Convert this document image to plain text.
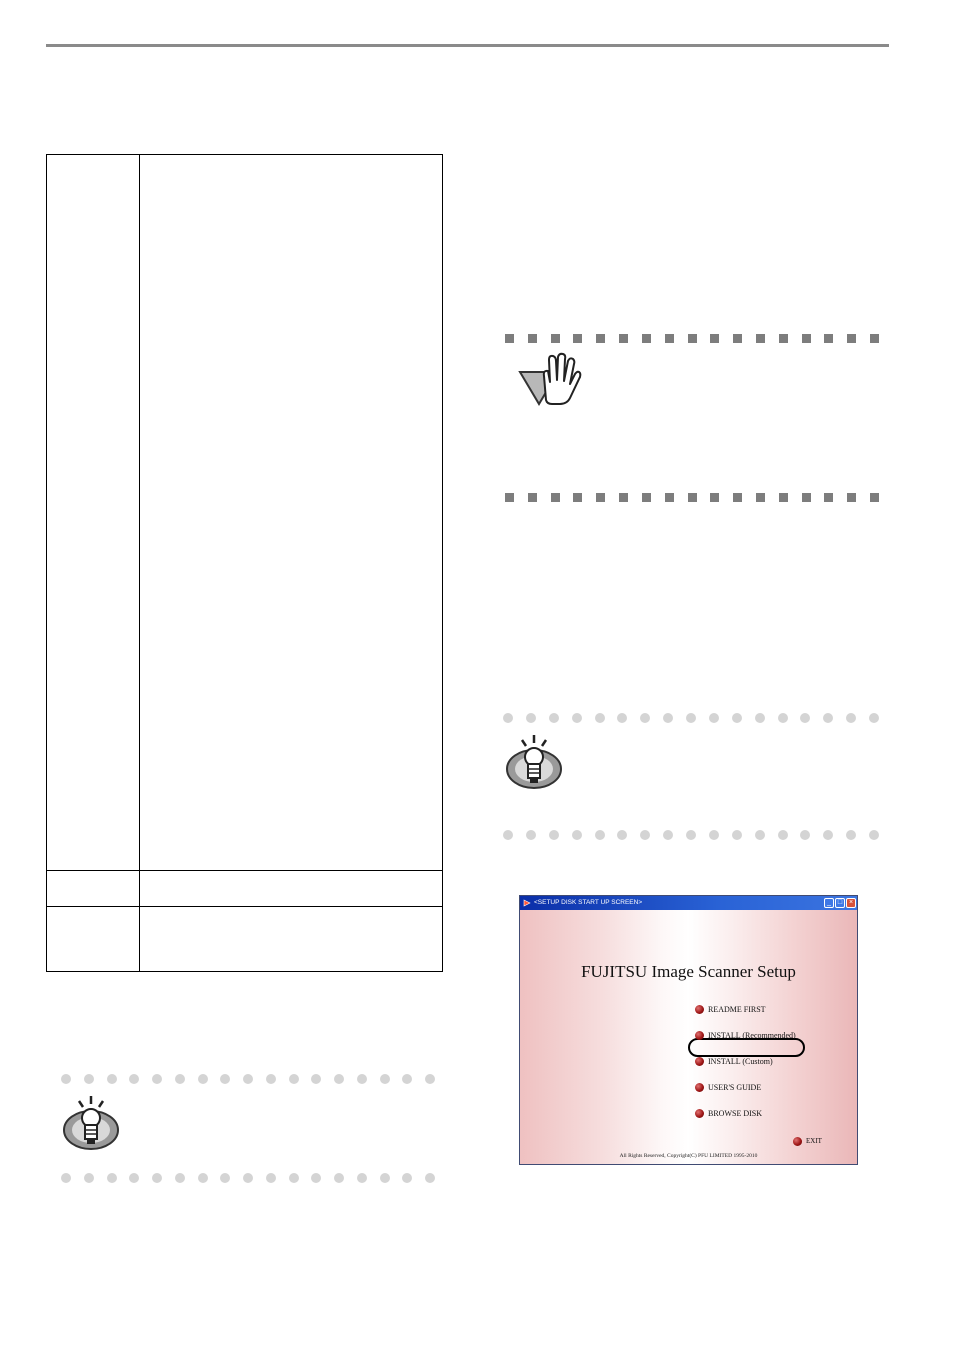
<SETUP DISK START UP SCREEN>	_ □ ×
FUJITSU Image Scanner Setup
README FIRST
INSTALL (Recommended)
INSTALL (Custom)
USER'S GUIDE
BROWSE DISK
EXIT
All Rights Reserved, Copyright(C) PFU LIMITED 1995-2010
